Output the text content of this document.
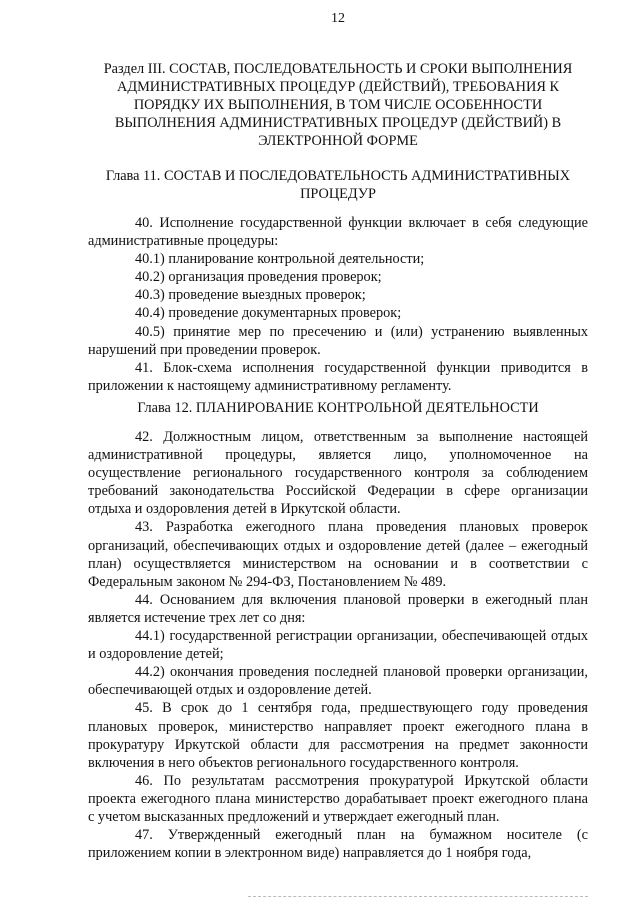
12
Раздел III. СОСТАВ, ПОСЛЕДОВАТЕЛЬНОСТЬ И СРОКИ ВЫПОЛНЕНИЯ АДМИНИСТРАТИВНЫХ ПРОЦЕДУР (ДЕЙСТВИЙ), ТРЕБОВАНИЯ К ПОРЯДКУ ИХ ВЫПОЛНЕНИЯ, В ТОМ ЧИСЛЕ ОСОБЕННОСТИ ВЫПОЛНЕНИЯ АДМИНИСТРАТИВНЫХ ПРОЦЕДУР (ДЕЙСТВИЙ) В ЭЛЕКТРОННОЙ ФОРМЕ
Глава 11. СОСТАВ И ПОСЛЕДОВАТЕЛЬНОСТЬ АДМИНИСТРАТИВНЫХ ПРОЦЕДУР

40. Исполнение государственной функции включает в себя следующие административные процедуры:

40.1) планирование контрольной деятельности;

40.2) организация проведения проверок;

40.3) проведение выездных проверок;

40.4) проведение документарных проверок;

40.5) принятие мер по пресечению и (или) устранению выявленных нарушений при проведении проверок.

41. Блок-схема исполнения государственной функции приводится в приложении к настоящему административному регламенту.

Глава 12. ПЛАНИРОВАНИЕ КОНТРОЛЬНОЙ ДЕЯТЕЛЬНОСТИ

42. Должностным лицом, ответственным за выполнение настоящей административной процедуры, является лицо, уполномоченное на осуществление регионального государственного контроля за соблюдением требований законодательства Российской Федерации в сфере организации отдыха и оздоровления детей в Иркутской области.

43. Разработка ежегодного плана проведения плановых проверок организаций, обеспечивающих отдых и оздоровление детей (далее – ежегодный план) осуществляется министерством на основании и в соответствии с Федеральным законом № 294-ФЗ, Постановлением № 489.

44. Основанием для включения плановой проверки в ежегодный план является истечение трех лет со дня:

44.1) государственной регистрации организации, обеспечивающей отдых и оздоровление детей;

44.2) окончания проведения последней плановой проверки организации, обеспечивающей отдых и оздоровление детей.

45. В срок до 1 сентября года, предшествующего году проведения плановых проверок, министерство направляет проект ежегодного плана в прокуратуру Иркутской области для рассмотрения на предмет законности включения в него объектов регионального государственного контроля.

46. По результатам рассмотрения прокуратурой Иркутской области проекта ежегодного плана министерство дорабатывает проект ежегодного плана с учетом высказанных предложений и утверждает ежегодный план.

47. Утвержденный ежегодный план на бумажном носителе (с приложением копии в электронном виде) направляется до 1 ноября года,
